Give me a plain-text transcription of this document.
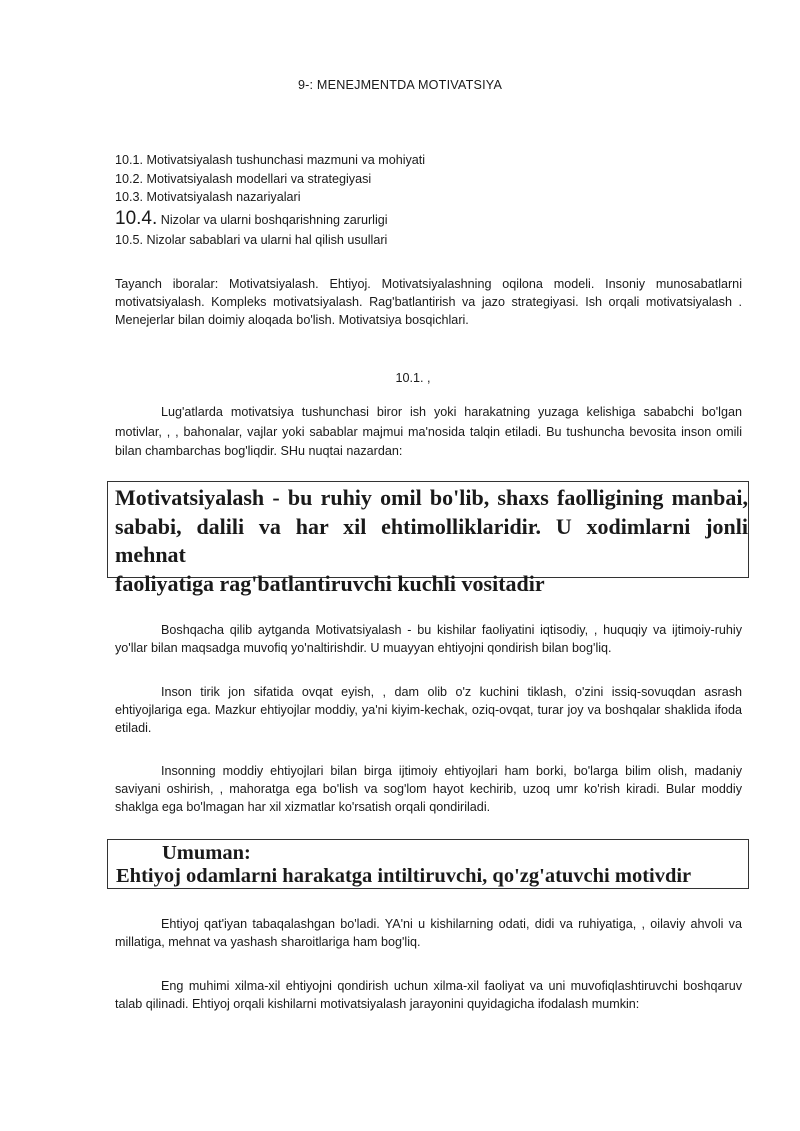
9-: MENEJMENTDA MOTIVATSIYA
10.1. Motivatsiyalash tushunchasi mazmuni va mohiyati
10.2. Motivatsiyalash modellari va strategiyasi
10.3. Motivatsiyalash nazariyalari
10.4. Nizolar va ularni boshqarishning zarurligi
10.5. Nizolar sabablari va ularni hal qilish usullari

Tayanch iboralar: Motivatsiyalash. Ehtiyoj. Motivatsiyalashning oqilona modeli. Insoniy munosabatlarni motivatsiyalash. Kompleks motivatsiyalash. Rag'batlantirish va jazo strategiyasi. Ish orqali motivatsiyalash . Menejerlar bilan doimiy aloqada bo'lish. Motivatsiya bosqichlari.

10.1. ,

Lug'atlarda motivatsiya tushunchasi biror ish yoki harakatning yuzaga kelishiga sababchi bo'lgan motivlar, , , bahonalar, vajlar yoki sabablar majmui ma'nosida talqin etiladi. Bu tushuncha bevosita inson omili bilan chambarchas bog'liqdir. SHu nuqtai nazardan:

Motivatsiyalash - bu ruhiy omil bo'lib, shaxs faolligining manbai,

sababi, dalili va har xil ehtimolliklaridir. U xodimlarni jonli mehnat

faoliyatiga rag'batlantiruvchi kuchli vositadir

Boshqacha qilib aytganda Motivatsiyalash - bu kishilar faoliyatini iqtisodiy, , huquqiy va ijtimoiy-ruhiy yo'llar bilan maqsadga muvofiq yo'naltirishdir. U muayyan ehtiyojni qondirish bilan bog'liq.

Inson tirik jon sifatida ovqat eyish, , dam olib o'z kuchini tiklash, o'zini issiq-sovuqdan asrash ehtiyojlariga ega. Mazkur ehtiyojlar moddiy, ya'ni kiyim-kechak, oziq-ovqat, turar joy va boshqalar shaklida ifoda etiladi.

Insonning moddiy ehtiyojlari bilan birga ijtimoiy ehtiyojlari ham borki, bo'larga bilim olish, madaniy saviyani oshirish, , mahoratga ega bo'lish va sog'lom hayot kechirib, uzoq umr ko'rish kiradi. Bular moddiy shaklga ega bo'lmagan har xil xizmatlar ko'rsatish orqali qondiriladi.

Umuman:
Ehtiyoj odamlarni harakatga intiltiruvchi, qo'zg'atuvchi motivdir

Ehtiyoj qat'iyan tabaqalashgan bo'ladi. YA'ni u kishilarning odati, didi va ruhiyatiga, , oilaviy ahvoli va millatiga, mehnat va yashash sharoitlariga ham bog'liq.

Eng muhimi xilma-xil ehtiyojni qondirish uchun xilma-xil faoliyat va uni muvofiqlashtiruvchi boshqaruv talab qilinadi. Ehtiyoj orqali kishilarni motivatsiyalash jarayonini quyidagicha ifodalash mumkin:
